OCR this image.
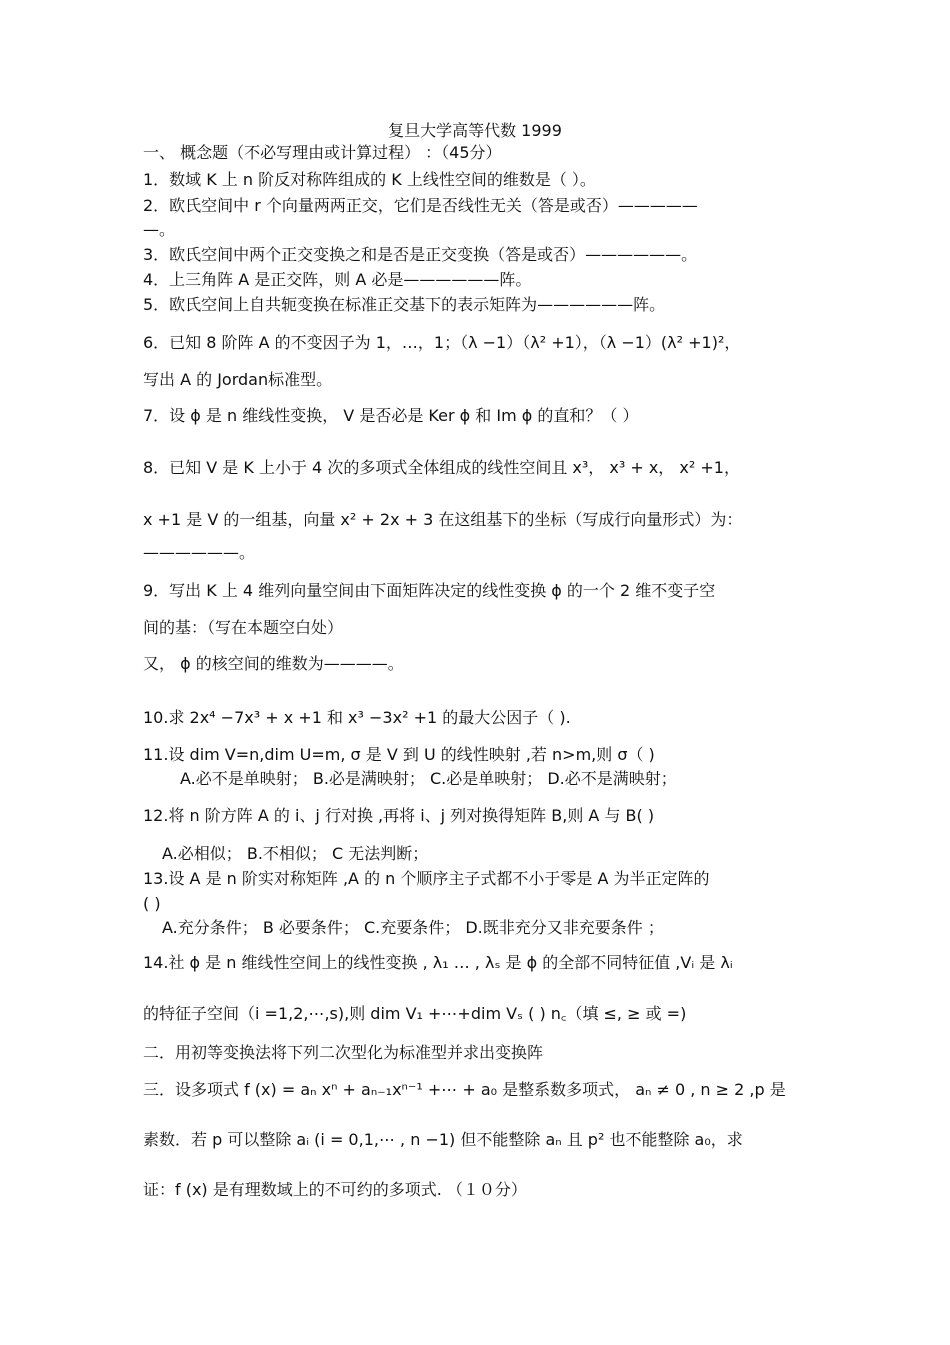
复旦大学高等代数 1999
一、 概念题（不必写理由或计算过程） ：（45分）
1．数域 K 上 n 阶反对称阵组成的 K 上线性空间的维数是（ ）。
2．欧氏空间中 r 个向量两两正交，它们是否线性无关（答是或否）—————
—。
3．欧氏空间中两个正交变换之和是否是正交变换（答是或否）——————。
4．上三角阵 A 是正交阵，则 A 必是——————阵。
5．欧氏空间上自共轭变换在标准正交基下的表示矩阵为——————阵。
6．已知 8 阶阵 A 的不变因子为 1，…，1；（λ −1）（λ² +1），（λ −1）(λ² +1)²，
写出 A 的 Jordan标准型。
7．设 ϕ 是 n 维线性变换， V 是否必是 Ker ϕ 和 Im ϕ 的直和？（ ）
8．已知 V 是 K 上小于 4 次的多项式全体组成的线性空间且 x³， x³ + x， x² +1，
x +1 是 V 的一组基，向量 x² + 2x + 3 在这组基下的坐标（写成行向量形式）为：
——————。
9．写出 K 上 4 维列向量空间由下面矩阵决定的线性变换 ϕ 的一个 2 维不变子空
间的基：（写在本题空白处）
又， ϕ 的核空间的维数为————。
10.求 2x⁴ −7x³ + x +1 和 x³ −3x² +1 的最大公因子（ ).
11.设 dim V=n,dim U=m, σ 是 V 到 U 的线性映射 ,若 n>m,则 σ（ )
A.必不是单映射； B.必是满映射； C.必是单映射； D.必不是满映射；
12.将 n 阶方阵 A 的 i、j 行对换 ,再将 i、j 列对换得矩阵 B,则 A 与 B( )
A.必相似； B.不相似； C 无法判断；
13.设 A 是 n 阶实对称矩阵 ,A 的 n 个顺序主子式都不小于零是 A 为半正定阵的
( )
A.充分条件； B 必要条件； C.充要条件； D.既非充分又非充要条件 ；
14.社 ϕ 是 n 维线性空间上的线性变换 , λ₁ … , λₛ 是 ϕ 的全部不同特征值 ,Vᵢ 是 λᵢ
的特征子空间（i =1,2,⋯,s),则 dim V₁ +⋯+dim Vₛ ( ) n꜀（填 ≤, ≥ 或 =)
二．用初等变换法将下列二次型化为标准型并求出变换阵
三．设多项式 f (x) = aₙ xⁿ + aₙ₋₁xⁿ⁻¹ +⋯ + a₀ 是整系数多项式， aₙ ≠ 0 , n ≥ 2 ,p 是
素数．若 p 可以整除 aᵢ (i = 0,1,⋯ , n −1) 但不能整除 aₙ 且 p² 也不能整除 a₀，求
证：f (x) 是有理数域上的不可约的多项式. （１０分）
